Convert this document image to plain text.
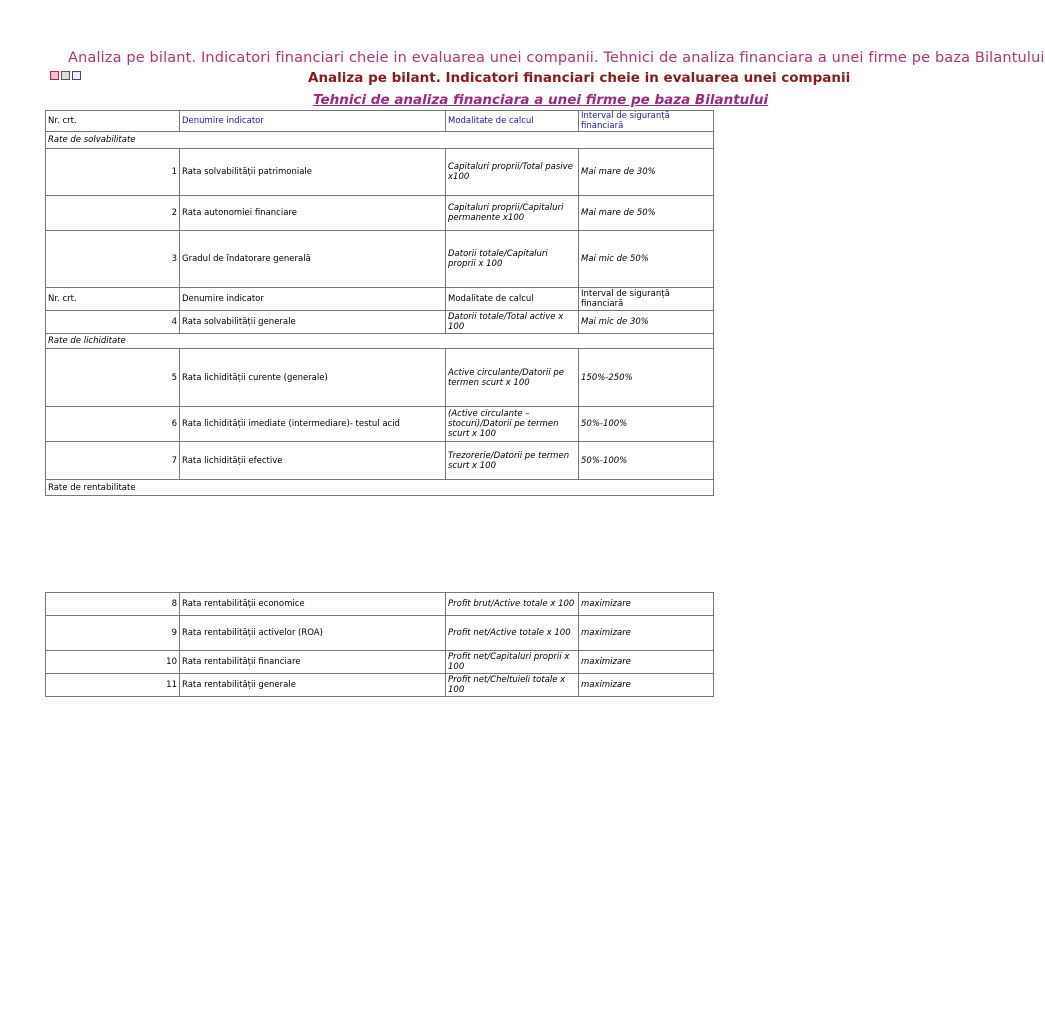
Analiza pe bilant. Indicatori financiari cheie in evaluarea unei companii. Tehnici de analiza financiara a unei firme pe baza Bilantului
Analiza pe bilant. Indicatori financiari cheie in evaluarea unei companii
Tehnici de analiza financiara a unei firme pe baza Bilantului
Nr. crt.	Denumire indicator	Modalitate de calcul	Interval de siguranță financiară
Rate de solvabilitate			
1	Rata solvabilității patrimoniale	Capitaluri proprii/Total pasive x100	Mai mare de 30%
2	Rata autonomiei financiare	Capitaluri proprii/Capitaluri permanente x100	Mai mare de 50%
3	Gradul de îndatorare generală	Datorii totale/Capitaluri proprii x 100	Mai mic de 50%
Nr. crt.	Denumire indicator	Modalitate de calcul	Interval de siguranță financiară
4	Rata solvabilității generale	Datorii totale/Total active x 100	Mai mic de 30%
Rate de lichiditate			
5	Rata lichidității curente (generale)	Active circulante/Datorii pe termen scurt x 100	150%-250%
6	Rata lichidității imediate (intermediare)- testul acid	(Active circulante – stocuri)/Datorii pe termen scurt x 100	50%-100%
7	Rata lichidității efective	Trezorerie/Datorii pe termen scurt x 100	50%-100%
Rate de rentabilitate			
8	Rata rentabilității economice	Profit brut/Active totale x 100	maximizare
9	Rata rentabilității activelor (ROA)	Profit net/Active totale x 100	maximizare
10	Rata rentabilității financiare	Profit net/Capitaluri proprii x 100	maximizare
11	Rata rentabilității generale	Profit net/Cheltuieli totale x 100	maximizare
